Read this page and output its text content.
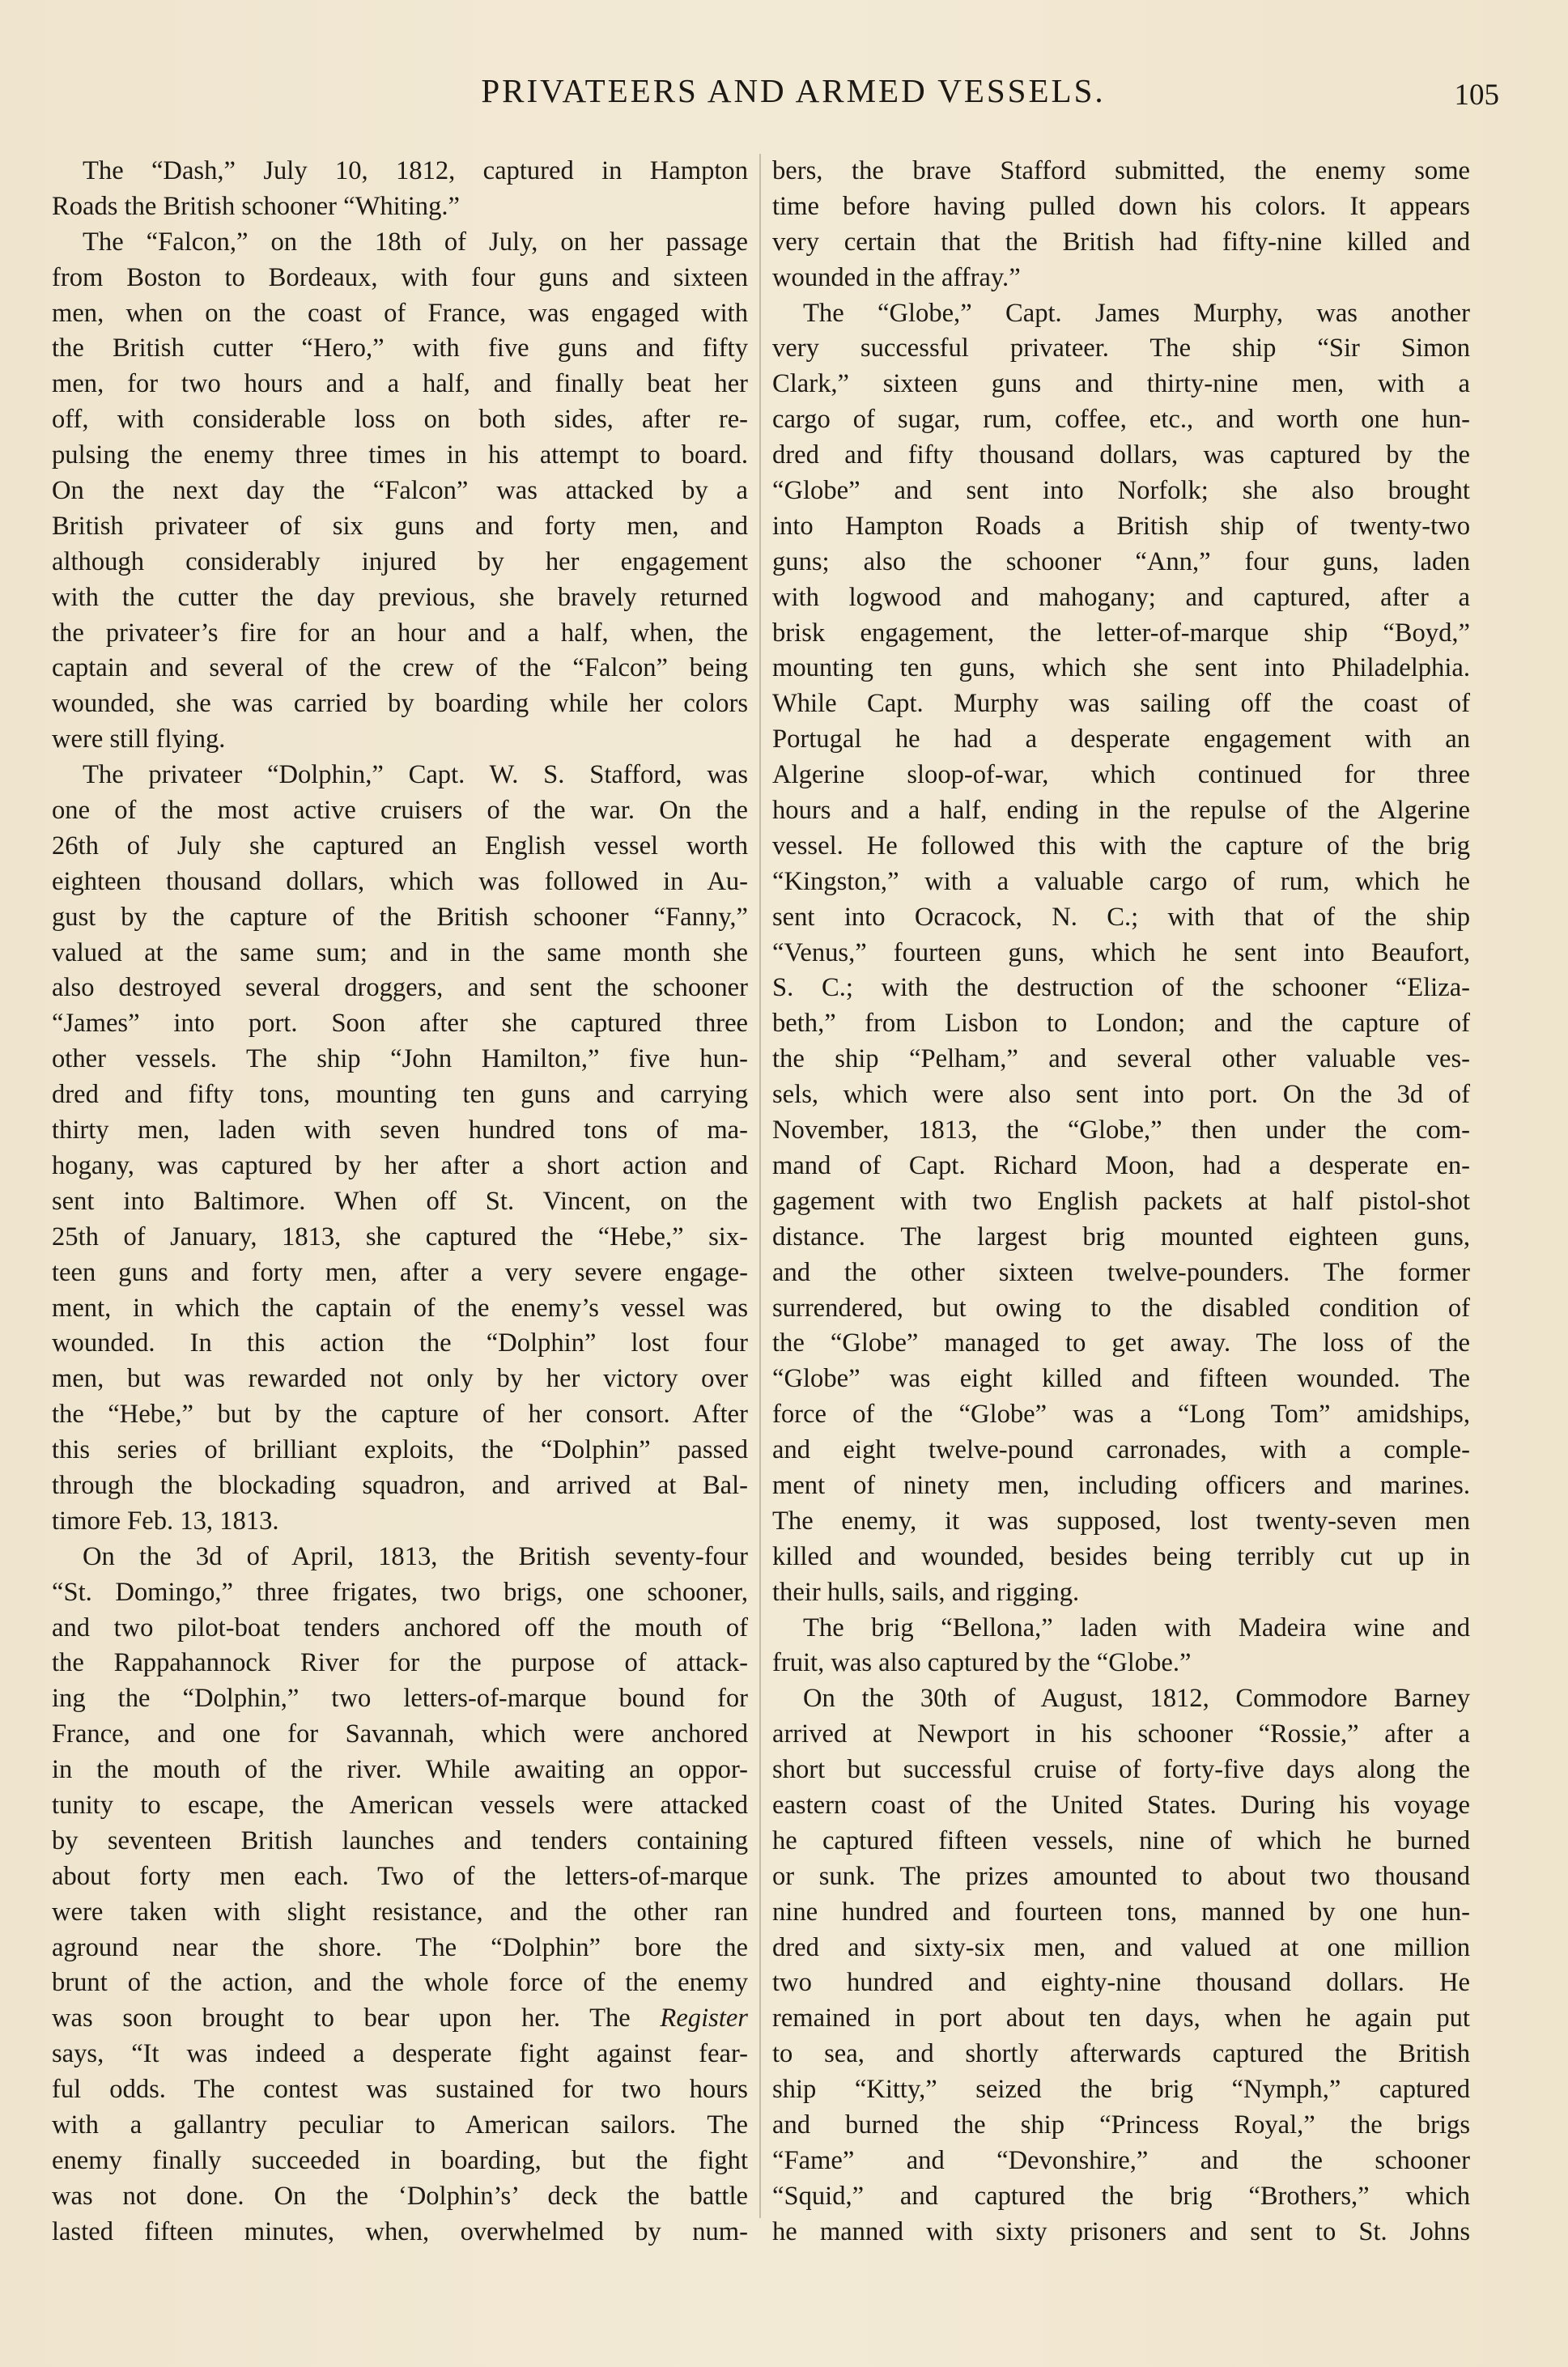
PRIVATEERS AND ARMED VESSELS.	105
The “Dash,” July 10, 1812, captured in Hampton
Roads the British schooner “Whiting.”
The “Falcon,” on the 18th of July, on her passage
from Boston to Bordeaux, with four guns and sixteen
men, when on the coast of France, was engaged with
the British cutter “Hero,” with five guns and fifty
men, for two hours and a half, and finally beat her
off, with considerable loss on both sides, after re-
pulsing the enemy three times in his attempt to board.
On the next day the “Falcon” was attacked by a
British privateer of six guns and forty men, and
although considerably injured by her engagement
with the cutter the day previous, she bravely returned
the privateer’s fire for an hour and a half, when, the
captain and several of the crew of the “Falcon” being
wounded, she was carried by boarding while her colors
were still flying.
The privateer “Dolphin,” Capt. W. S. Stafford, was
one of the most active cruisers of the war. On the
26th of July she captured an English vessel worth
eighteen thousand dollars, which was followed in Au-
gust by the capture of the British schooner “Fanny,”
valued at the same sum; and in the same month she
also destroyed several droggers, and sent the schooner
“James” into port. Soon after she captured three
other vessels. The ship “John Hamilton,” five hun-
dred and fifty tons, mounting ten guns and carrying
thirty men, laden with seven hundred tons of ma-
hogany, was captured by her after a short action and
sent into Baltimore. When off St. Vincent, on the
25th of January, 1813, she captured the “Hebe,” six-
teen guns and forty men, after a very severe engage-
ment, in which the captain of the enemy’s vessel was
wounded. In this action the “Dolphin” lost four
men, but was rewarded not only by her victory over
the “Hebe,” but by the capture of her consort. After
this series of brilliant exploits, the “Dolphin” passed
through the blockading squadron, and arrived at Bal-
timore Feb. 13, 1813.
On the 3d of April, 1813, the British seventy-four
“St. Domingo,” three frigates, two brigs, one schooner,
and two pilot-boat tenders anchored off the mouth of
the Rappahannock River for the purpose of attack-
ing the “Dolphin,” two letters-of-marque bound for
France, and one for Savannah, which were anchored
in the mouth of the river. While awaiting an oppor-
tunity to escape, the American vessels were attacked
by seventeen British launches and tenders containing
about forty men each. Two of the letters-of-marque
were taken with slight resistance, and the other ran
aground near the shore. The “Dolphin” bore the
brunt of the action, and the whole force of the enemy
was soon brought to bear upon her. The Register
says, “It was indeed a desperate fight against fear-
ful odds. The contest was sustained for two hours
with a gallantry peculiar to American sailors. The
enemy finally succeeded in boarding, but the fight
was not done. On the ‘Dolphin’s’ deck the battle
lasted fifteen minutes, when, overwhelmed by num-
bers, the brave Stafford submitted, the enemy some
time before having pulled down his colors. It appears
very certain that the British had fifty-nine killed and
wounded in the affray.”
The “Globe,” Capt. James Murphy, was another
very successful privateer. The ship “Sir Simon
Clark,” sixteen guns and thirty-nine men, with a
cargo of sugar, rum, coffee, etc., and worth one hun-
dred and fifty thousand dollars, was captured by the
“Globe” and sent into Norfolk; she also brought
into Hampton Roads a British ship of twenty-two
guns; also the schooner “Ann,” four guns, laden
with logwood and mahogany; and captured, after a
brisk engagement, the letter-of-marque ship “Boyd,”
mounting ten guns, which she sent into Philadelphia.
While Capt. Murphy was sailing off the coast of
Portugal he had a desperate engagement with an
Algerine sloop-of-war, which continued for three
hours and a half, ending in the repulse of the Algerine
vessel. He followed this with the capture of the brig
“Kingston,” with a valuable cargo of rum, which he
sent into Ocracock, N. C.; with that of the ship
“Venus,” fourteen guns, which he sent into Beaufort,
S. C.; with the destruction of the schooner “Eliza-
beth,” from Lisbon to London; and the capture of
the ship “Pelham,” and several other valuable ves-
sels, which were also sent into port. On the 3d of
November, 1813, the “Globe,” then under the com-
mand of Capt. Richard Moon, had a desperate en-
gagement with two English packets at half pistol-shot
distance. The largest brig mounted eighteen guns,
and the other sixteen twelve-pounders. The former
surrendered, but owing to the disabled condition of
the “Globe” managed to get away. The loss of the
“Globe” was eight killed and fifteen wounded. The
force of the “Globe” was a “Long Tom” amidships,
and eight twelve-pound carronades, with a comple-
ment of ninety men, including officers and marines.
The enemy, it was supposed, lost twenty-seven men
killed and wounded, besides being terribly cut up in
their hulls, sails, and rigging.
The brig “Bellona,” laden with Madeira wine and
fruit, was also captured by the “Globe.”
On the 30th of August, 1812, Commodore Barney
arrived at Newport in his schooner “Rossie,” after a
short but successful cruise of forty-five days along the
eastern coast of the United States. During his voyage
he captured fifteen vessels, nine of which he burned
or sunk. The prizes amounted to about two thousand
nine hundred and fourteen tons, manned by one hun-
dred and sixty-six men, and valued at one million
two hundred and eighty-nine thousand dollars. He
remained in port about ten days, when he again put
to sea, and shortly afterwards captured the British
ship “Kitty,” seized the brig “Nymph,” captured
and burned the ship “Princess Royal,” the brigs
“Fame” and “Devonshire,” and the schooner
“Squid,” and captured the brig “Brothers,” which
he manned with sixty prisoners and sent to St. Johns
